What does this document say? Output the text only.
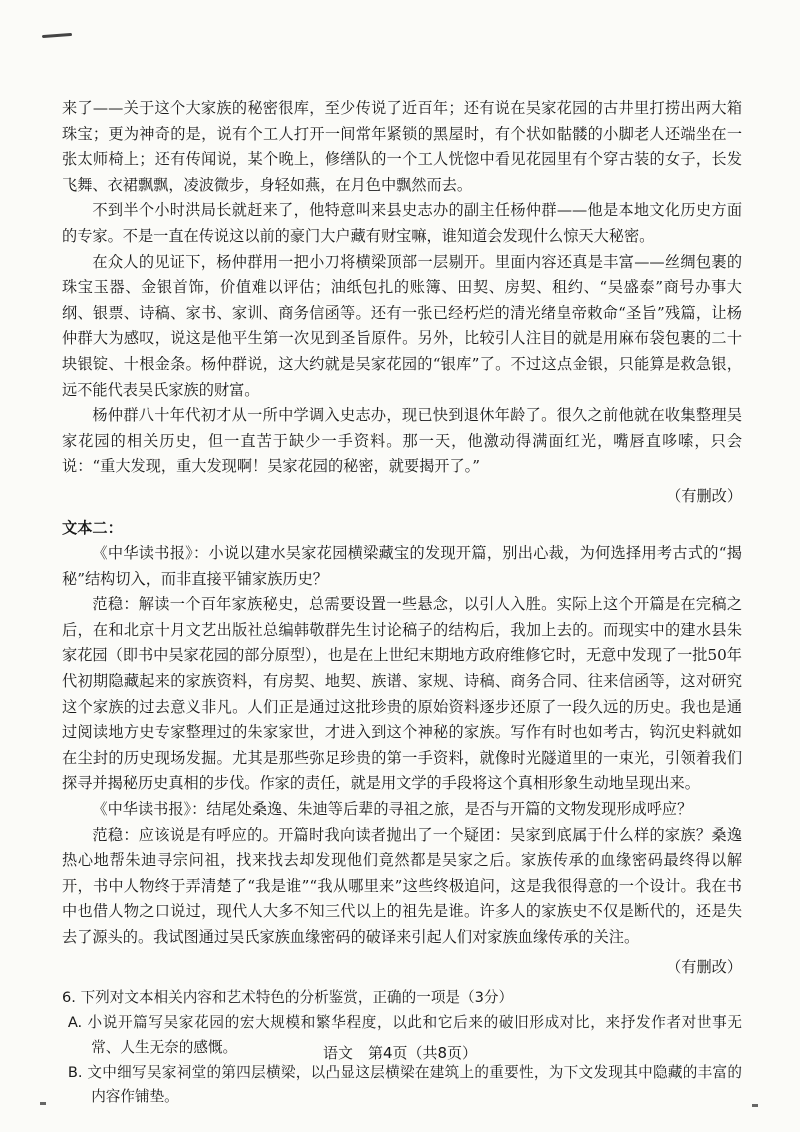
来了——关于这个大家族的秘密很库，至少传说了近百年；还有说在吴家花园的古井里打捞出两大箱珠宝；更为神奇的是，说有个工人打开一间常年紧锁的黑屋时，有个状如骷髅的小脚老人还端坐在一张太师椅上；还有传闻说，某个晚上，修缮队的一个工人恍惚中看见花园里有个穿古装的女子，长发飞舞、衣裙飘飘，凌波微步，身轻如燕，在月色中飘然而去。

不到半个小时洪局长就赶来了，他特意叫来县史志办的副主任杨仲群——他是本地文化历史方面的专家。不是一直在传说这以前的豪门大户藏有财宝嘛，谁知道会发现什么惊天大秘密。

在众人的见证下，杨仲群用一把小刀将横梁顶部一层剔开。里面内容还真是丰富——丝绸包裹的珠宝玉器、金银首饰，价值难以评估；油纸包扎的账簿、田契、房契、租约、“吴盛泰”商号办事大纲、银票、诗稿、家书、家训、商务信函等。还有一张已经朽烂的清光绪皇帝敕命“圣旨”残篇，让杨仲群大为感叹，说这是他平生第一次见到圣旨原件。另外，比较引人注目的就是用麻布袋包裹的二十块银锭、十根金条。杨仲群说，这大约就是吴家花园的“银库”了。不过这点金银，只能算是救急银，远不能代表吴氏家族的财富。

杨仲群八十年代初才从一所中学调入史志办，现已快到退休年龄了。很久之前他就在收集整理吴家花园的相关历史，但一直苦于缺少一手资料。那一天，他激动得满面红光，嘴唇直哆嗦，只会说：“重大发现，重大发现啊！吴家花园的秘密，就要揭开了。”

（有删改）

文本二：

《中华读书报》：小说以建水吴家花园横梁藏宝的发现开篇，别出心裁，为何选择用考古式的“揭秘”结构切入，而非直接平铺家族历史？

范稳：解读一个百年家族秘史，总需要设置一些悬念，以引人入胜。实际上这个开篇是在完稿之后，在和北京十月文艺出版社总编韩敬群先生讨论稿子的结构后，我加上去的。而现实中的建水县朱家花园（即书中吴家花园的部分原型），也是在上世纪末期地方政府维修它时，无意中发现了一批50年代初期隐藏起来的家族资料，有房契、地契、族谱、家规、诗稿、商务合同、往来信函等，这对研究这个家族的过去意义非凡。人们正是通过这批珍贵的原始资料逐步还原了一段久远的历史。我也是通过阅读地方史专家整理过的朱家家世，才进入到这个神秘的家族。写作有时也如考古，钩沉史料就如在尘封的历史现场发掘。尤其是那些弥足珍贵的第一手资料，就像时光隧道里的一束光，引领着我们探寻并揭秘历史真相的步伐。作家的责任，就是用文学的手段将这个真相形象生动地呈现出来。

《中华读书报》：结尾处桑逸、朱迪等后辈的寻祖之旅，是否与开篇的文物发现形成呼应？

范稳：应该说是有呼应的。开篇时我向读者抛出了一个疑团：吴家到底属于什么样的家族？桑逸热心地帮朱迪寻宗问祖，找来找去却发现他们竟然都是吴家之后。家族传承的血缘密码最终得以解开，书中人物终于弄清楚了“我是谁”“我从哪里来”这些终极追问，这是我很得意的一个设计。我在书中也借人物之口说过，现代人大多不知三代以上的祖先是谁。许多人的家族史不仅是断代的，还是失去了源头的。我试图通过吴氏家族血缘密码的破译来引起人们对家族血缘传承的关注。

（有删改）

6. 下列对文本相关内容和艺术特色的分析鉴赏，正确的一项是（3分）

A. 小说开篇写吴家花园的宏大规模和繁华程度，以此和它后来的破旧形成对比，来抒发作者对世事无常、人生无奈的感慨。

B. 文中细写吴家祠堂的第四层横梁，以凸显这层横梁在建筑上的重要性，为下文发现其中隐藏的丰富的内容作铺垫。

语文　第4页（共8页）
